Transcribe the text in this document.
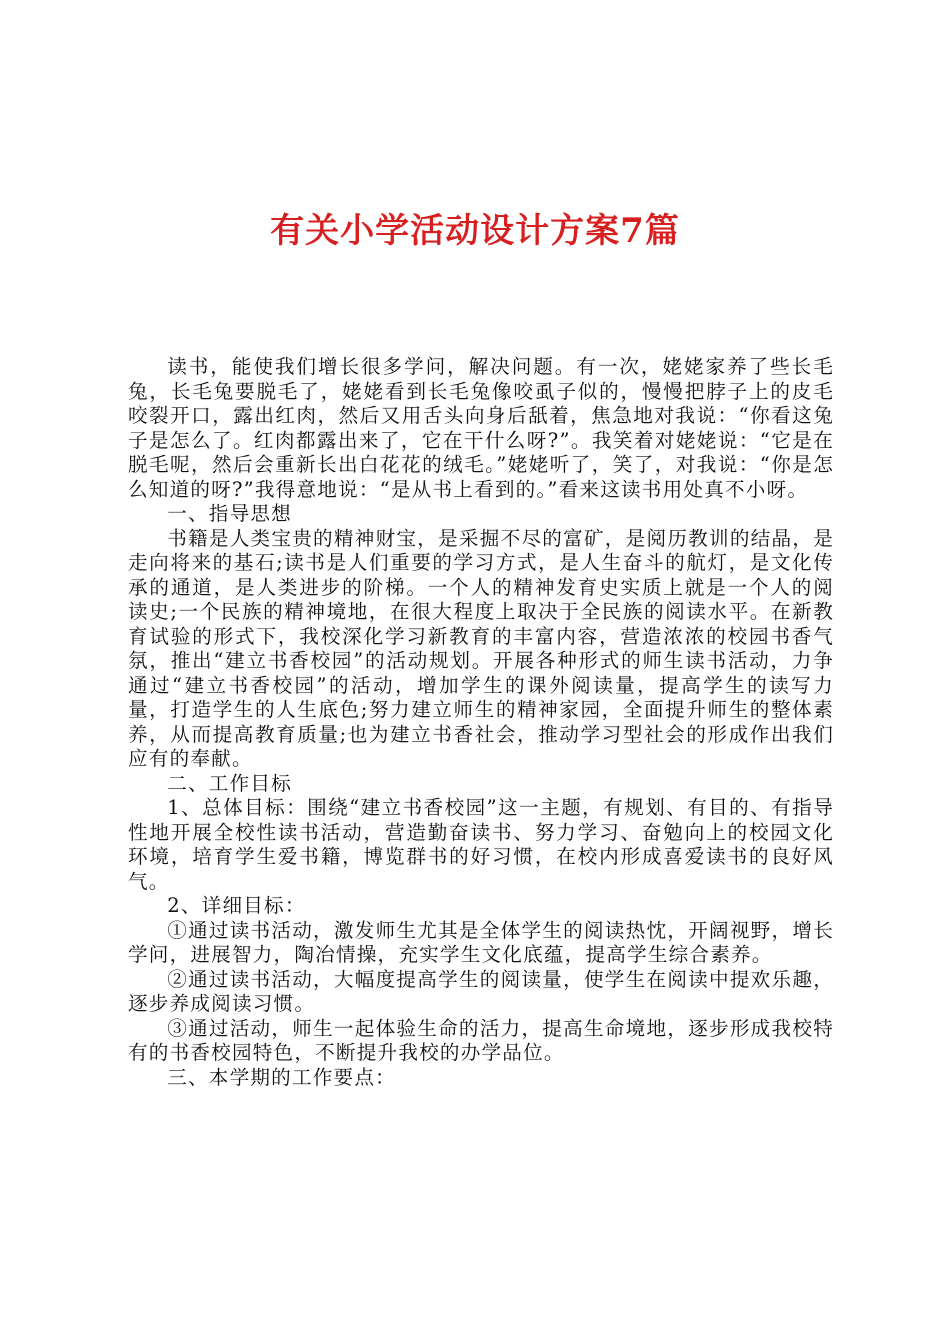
有关小学活动设计方案7篇

读书，能使我们增长很多学问，解决问题。有一次，姥姥家养了些长毛兔，长毛兔要脱毛了，姥姥看到长毛兔像咬虱子似的，慢慢把脖子上的皮毛咬裂开口，露出红肉，然后又用舌头向身后舐着，焦急地对我说：“你看这兔子是怎么了。红肉都露出来了，它在干什么呀?”。我笑着对姥姥说：“它是在脱毛呢，然后会重新长出白花花的绒毛。”姥姥听了，笑了，对我说：“你是怎么知道的呀?”我得意地说：“是从书上看到的。”看来这读书用处真不小呀。

一、指导思想

书籍是人类宝贵的精神财宝，是采掘不尽的富矿，是阅历教训的结晶，是走向将来的基石;读书是人们重要的学习方式，是人生奋斗的航灯，是文化传承的通道，是人类进步的阶梯。一个人的精神发育史实质上就是一个人的阅读史;一个民族的精神境地，在很大程度上取决于全民族的阅读水平。在新教育试验的形式下，我校深化学习新教育的丰富内容，营造浓浓的校园书香气氛，推出“建立书香校园”的活动规划。开展各种形式的师生读书活动，力争通过“建立书香校园”的活动，增加学生的课外阅读量，提高学生的读写力量，打造学生的人生底色;努力建立师生的精神家园，全面提升师生的整体素养，从而提高教育质量;也为建立书香社会，推动学习型社会的形成作出我们应有的奉献。

二、工作目标

1、总体目标：围绕“建立书香校园”这一主题，有规划、有目的、有指导性地开展全校性读书活动，营造勤奋读书、努力学习、奋勉向上的校园文化环境，培育学生爱书籍，博览群书的好习惯，在校内形成喜爱读书的良好风气。

2、详细目标：

①通过读书活动，激发师生尤其是全体学生的阅读热忱，开阔视野，增长学问，进展智力，陶冶情操，充实学生文化底蕴，提高学生综合素养。

②通过读书活动，大幅度提高学生的阅读量，使学生在阅读中提欢乐趣，逐步养成阅读习惯。

③通过活动，师生一起体验生命的活力，提高生命境地，逐步形成我校特有的书香校园特色，不断提升我校的办学品位。

三、本学期的工作要点：
